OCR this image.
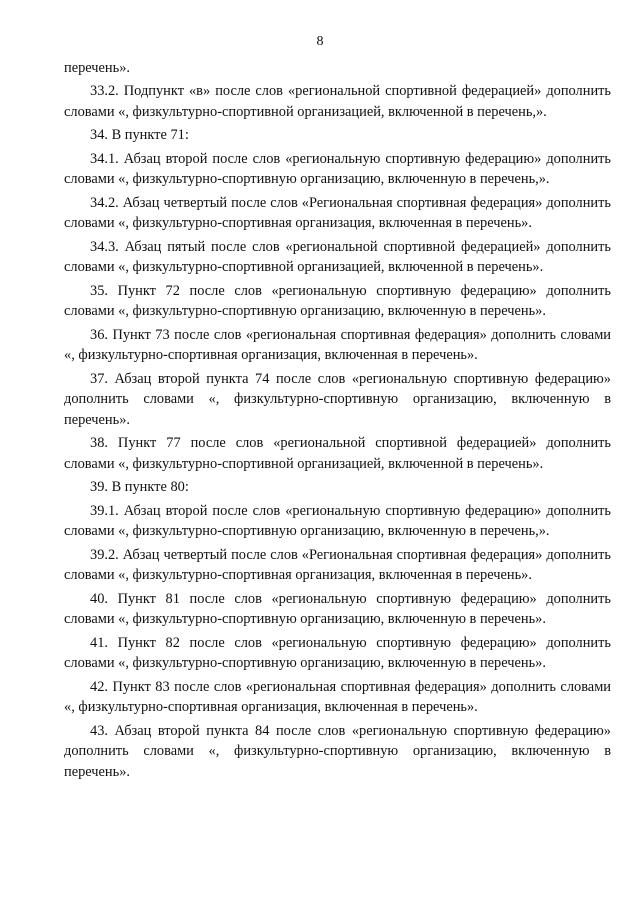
8

перечень».

33.2. Подпункт «в» после слов «региональной спортивной федерацией» дополнить словами «, физкультурно-спортивной организацией, включенной в перечень,».

34. В пункте 71:

34.1. Абзац второй после слов «региональную спортивную федерацию» дополнить словами «, физкультурно-спортивную организацию, включенную в перечень,».

34.2. Абзац четвертый после слов «Региональная спортивная федерация» дополнить словами «, физкультурно-спортивная организация, включенная в перечень».

34.3. Абзац пятый после слов «региональной спортивной федерацией» дополнить словами «, физкультурно-спортивной организацией, включенной в перечень».

35. Пункт 72 после слов «региональную спортивную федерацию» дополнить словами «, физкультурно-спортивную организацию, включенную в перечень».

36. Пункт 73 после слов «региональная спортивная федерация» дополнить словами «, физкультурно-спортивная организация, включенная в перечень».

37. Абзац второй пункта 74 после слов «региональную спортивную федерацию» дополнить словами «, физкультурно-спортивную организацию, включенную в перечень».

38. Пункт 77 после слов «региональной спортивной федерацией» дополнить словами «, физкультурно-спортивной организацией, включенной в перечень».

39. В пункте 80:

39.1. Абзац второй после слов «региональную спортивную федерацию» дополнить словами «, физкультурно-спортивную организацию, включенную в перечень,».

39.2. Абзац четвертый после слов «Региональная спортивная федерация» дополнить словами «, физкультурно-спортивная организация, включенная в перечень».

40. Пункт 81 после слов «региональную спортивную федерацию» дополнить словами «, физкультурно-спортивную организацию, включенную в перечень».

41. Пункт 82 после слов «региональную спортивную федерацию» дополнить словами «, физкультурно-спортивную организацию, включенную в перечень».

42. Пункт 83 после слов «региональная спортивная федерация» дополнить словами «, физкультурно-спортивная организация, включенная в перечень».

43. Абзац второй пункта 84 после слов «региональную спортивную федерацию» дополнить словами «, физкультурно-спортивную организацию, включенную в перечень».
